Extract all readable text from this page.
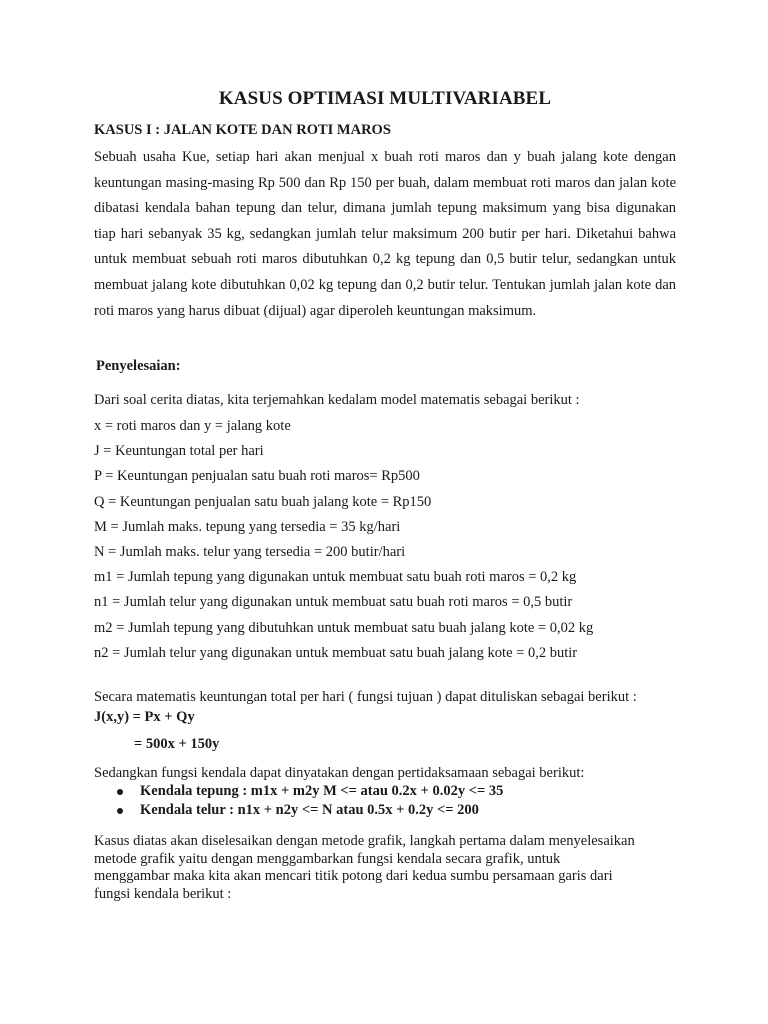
KASUS OPTIMASI MULTIVARIABEL
KASUS I : JALAN KOTE DAN ROTI MAROS

Sebuah usaha Kue, setiap hari akan menjual x buah roti maros dan y buah jalang kote dengan keuntungan masing-masing Rp 500 dan Rp 150 per buah, dalam membuat roti maros dan jalan kote dibatasi kendala bahan tepung dan telur, dimana jumlah tepung maksimum yang bisa digunakan tiap hari sebanyak 35 kg, sedangkan jumlah telur maksimum 200 butir per hari. Diketahui bahwa untuk membuat sebuah roti maros dibutuhkan 0,2 kg tepung dan 0,5 butir telur, sedangkan untuk membuat jalang kote dibutuhkan 0,02 kg tepung dan 0,2 butir telur. Tentukan jumlah jalan kote dan roti maros yang harus dibuat (dijual) agar diperoleh keuntungan maksimum.

Penyelesaian:
Dari soal cerita diatas, kita terjemahkan kedalam model matematis sebagai berikut :
x = roti maros dan y = jalang kote
J = Keuntungan total per hari
P = Keuntungan penjualan satu buah roti maros= Rp500
Q = Keuntungan penjualan satu buah jalang kote = Rp150
M = Jumlah maks. tepung yang tersedia = 35 kg/hari
N = Jumlah maks. telur yang tersedia = 200 butir/hari
m1 = Jumlah tepung yang digunakan untuk membuat satu buah roti maros = 0,2 kg
n1 = Jumlah telur yang digunakan untuk membuat satu buah roti maros = 0,5 butir
m2 = Jumlah tepung yang dibutuhkan untuk membuat satu buah jalang kote = 0,02 kg
n2 = Jumlah telur yang digunakan untuk membuat satu buah jalang kote = 0,2 butir
Secara matematis keuntungan total per hari ( fungsi tujuan ) dapat dituliskan sebagai berikut :
J(x,y) = Px + Qy
= 500x + 150y
Sedangkan fungsi kendala dapat dinyatakan dengan pertidaksamaan sebagai berikut:
Kendala tepung : m1x + m2y M <= atau 0.2x + 0.02y <= 35
Kendala telur : n1x + n2y <= N atau 0.5x + 0.2y <= 200
Kasus diatas akan diselesaikan dengan metode grafik, langkah pertama dalam menyelesaikan
metode grafik yaitu dengan menggambarkan fungsi kendala secara grafik, untuk
menggambar maka kita akan mencari titik potong dari kedua sumbu persamaan garis dari
fungsi kendala berikut :
